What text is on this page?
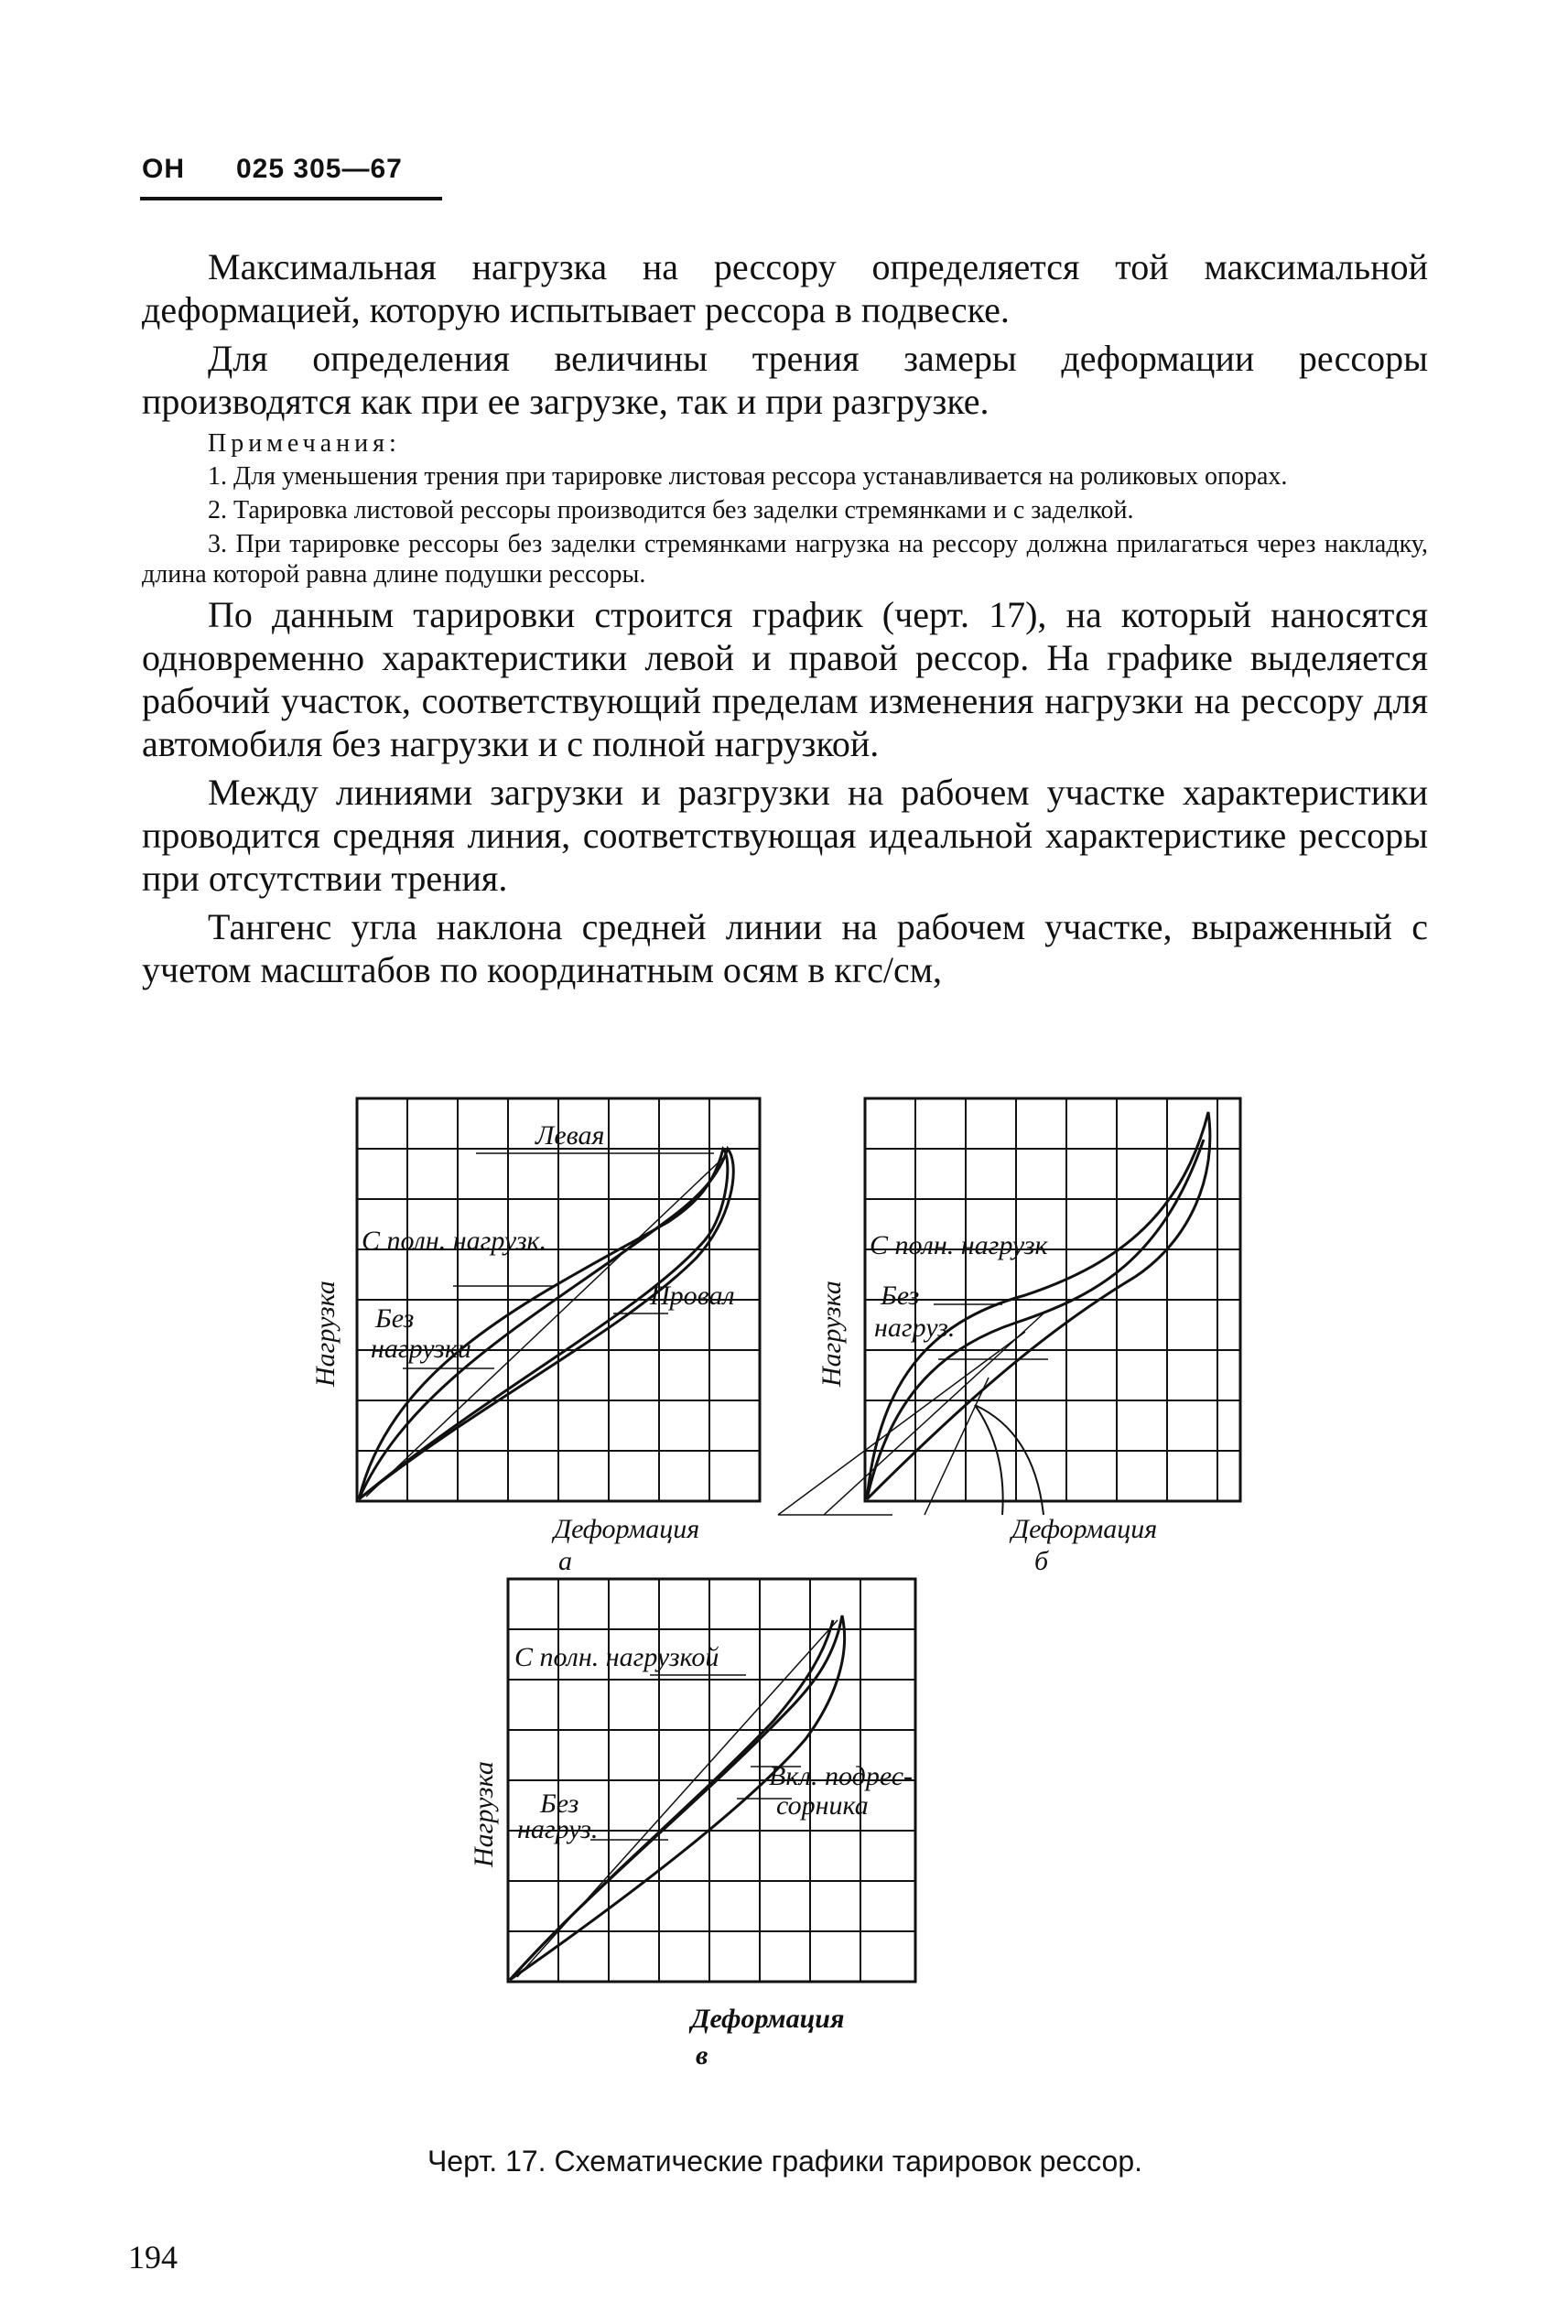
ОН 025 305—67

Максимальная нагрузка на рессору определяется той максимальной деформацией, которую испытывает рессора в подвеске.

Для определения величины трения замеры деформации рессоры производятся как при ее загрузке, так и при разгрузке.

Примечания:

1. Для уменьшения трения при тарировке листовая рессора устанавливается на роликовых опорах.

2. Тарировка листовой рессоры производится без заделки стремянками и с заделкой.

3. При тарировке рессоры без заделки стремянками нагрузка на рессору должна прилагаться через накладку, длина которой равна длине подушки рессоры.

По данным тарировки строится график (черт. 17), на который наносятся одновременно характеристики левой и правой рессор. На графике выделяется рабочий участок, соответствующий пределам изменения нагрузки на рессору для автомобиля без нагрузки и с полной нагрузкой.

Между линиями загрузки и разгрузки на рабочем участке характеристики проводится средняя линия, соответствующая идеальной характеристике рессоры при отсутствии трения.

Тангенс угла наклона средней линии на рабочем участке, выраженный с учетом масштабов по координатным осям в кгс/см,

Левая
С полн. нагрузк.
Провал
Без
нагрузки
Нагрузка
Деформация
а
С полн. нагрузк
Без
нагруз.
Нагрузка
Деформация
б
С полн. нагрузкой
Вкл. подрес-
сорника
Без
нагруз.
Нагрузка
Деформация
в
Черт. 17. Схематические графики тарировок рессор.
194
